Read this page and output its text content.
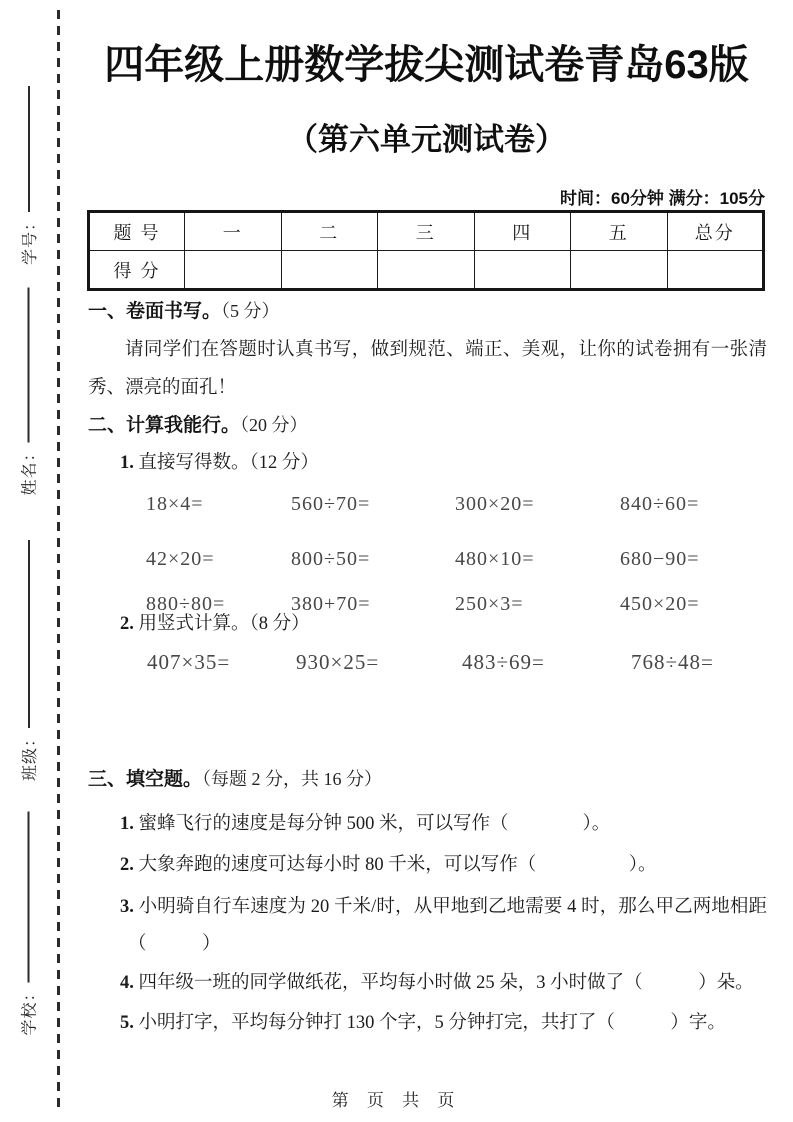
学号：
姓名：
班级：
学校：
四年级上册数学拔尖测试卷青岛63版
（第六单元测试卷）
时间：60分钟 满分：105分
题 号	一	二	三	四	五	总分
得 分						
一、卷面书写。（5 分）
请同学们在答题时认真书写，做到规范、端正、美观，让你的试卷拥有一张清秀、漂亮的面孔！
二、计算我能行。（20 分）
1. 直接写得数。（12 分）
18×4=	560÷70=	300×20=	840÷60=
42×20=	800÷50=	480×10=	680−90=
880÷80=	380+70=	250×3=	450×20=
2. 用竖式计算。（8 分）
407×35=	930×25=	483÷69=	768÷48=
三、填空题。（每题 2 分，共 16 分）
1. 蜜蜂飞行的速度是每分钟 500 米，可以写作（　　　　）。
2. 大象奔跑的速度可达每小时 80 千米，可以写作（　　　　　）。
3. 小明骑自行车速度为 20 千米/时，从甲地到乙地需要 4 时，那么甲乙两地相距（　　　）
4. 四年级一班的同学做纸花，平均每小时做 25 朵，3 小时做了（　　　）朵。
5. 小明打字，平均每分钟打 130 个字，5 分钟打完，共打了（　　　）字。
第 页 共 页
